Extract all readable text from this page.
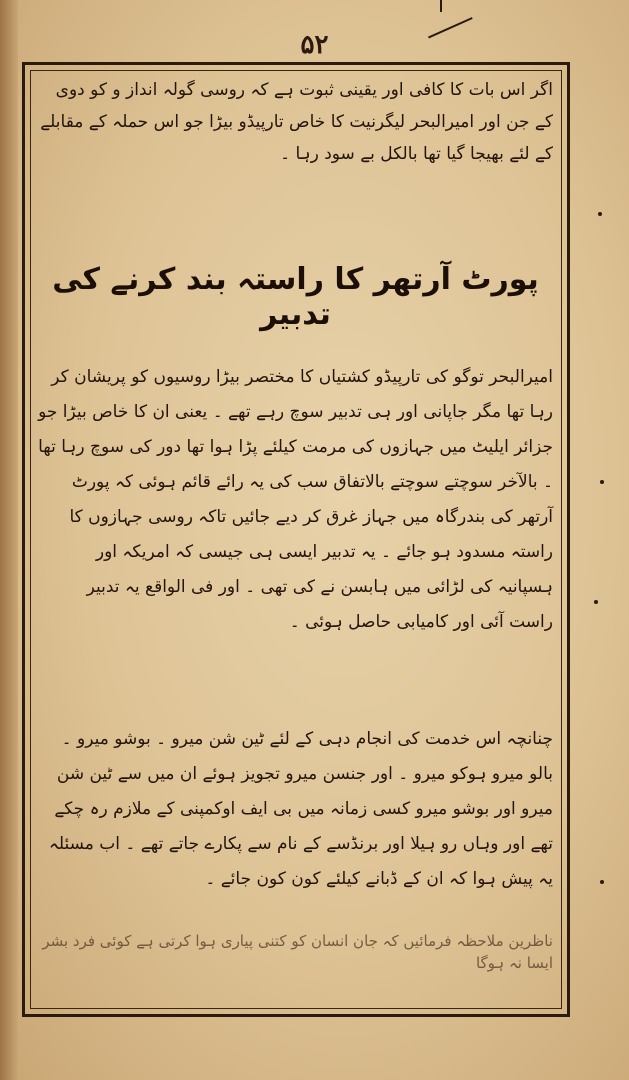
۵۲
اگر اس بات کا کافی اور یقینی ثبوت ہے کہ روسی گولہ انداز و کو دوی کے جن اور امیرالبحر لیگرنیت کا خاص تارپیڈو بیڑا جو اس حملہ کے مقابلے کے لئے بھیجا گیا تھا بالکل بے سود رہا ۔
پورٹ آرتھر کا راستہ بند کرنے کی تدبیر
امیرالبحر توگو کی تارپیڈو کشتیاں کا مختصر بیڑا روسیوں کو پریشان کر رہا تھا مگر جاپانی اور ہی تدبیر سوچ رہے تھے ۔ یعنی ان کا خاص بیڑا جو جزائر ایلیٹ میں جہازوں کی مرمت کیلئے پڑا ہوا تھا دور کی سوچ رہا تھا ۔ بالآخر سوچتے سوچتے بالاتفاق سب کی یہ رائے قائم ہوئی کہ پورٹ آرتھر کی بندرگاہ میں جہاز غرق کر دیے جائیں تاکہ روسی جہازوں کا راستہ مسدود ہو جائے ۔ یہ تدبیر ایسی ہی جیسی کہ امریکہ اور ہسپانیہ کی لڑائی میں ہابسن نے کی تھی ۔ اور فی الواقع یہ تدبیر راست آئی اور کامیابی حاصل ہوئی ۔
چنانچہ اس خدمت کی انجام دہی کے لئے ٹین شن میرو ۔ بوشو میرو ۔ بالو میرو ہوکو میرو ۔ اور جنسن میرو تجویز ہوئے ان میں سے ٹین شن میرو اور بوشو میرو کسی زمانہ میں بی ایف اوکمپنی کے ملازم رہ چکے تھے اور وہاں رو ہیلا اور برنڈسے کے نام سے پکارے جاتے تھے ۔ اب مسئلہ یہ پیش ہوا کہ ان کے ڈبانے کیلئے کون کون جائے ۔
ناظرین ملاحظہ فرمائیں کہ جان انسان کو کتنی پیاری ہوا کرتی ہے کوئی فرد بشر ایسا نہ ہوگا
